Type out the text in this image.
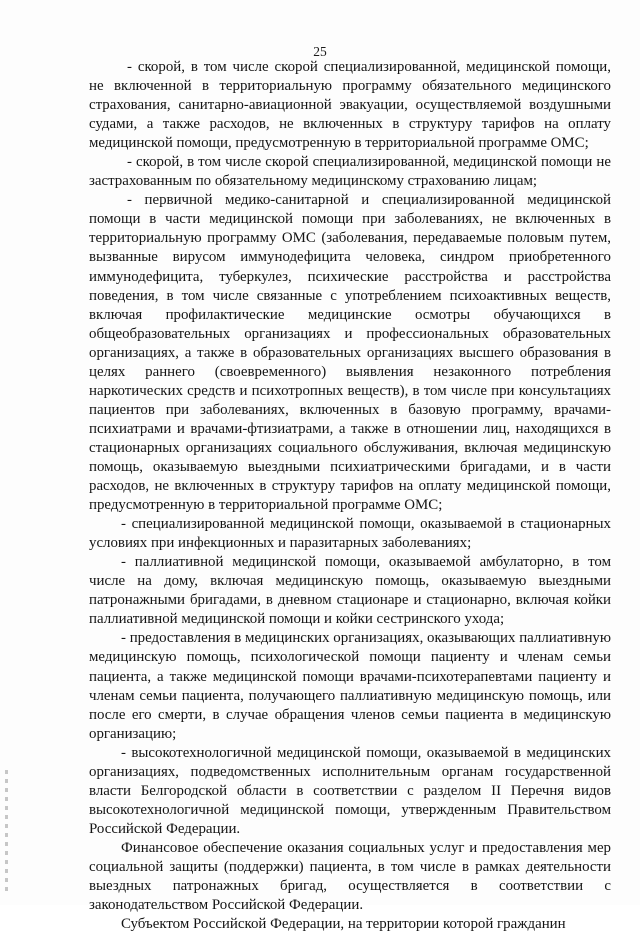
25

- скорой, в том числе скорой специализированной, медицинской помощи, не включенной в территориальную программу обязательного медицинского страхования, санитарно-авиационной эвакуации, осуществляемой воздушными судами, а также расходов, не включенных в структуру тарифов на оплату медицинской помощи, предусмотренную в территориальной программе ОМС;

- скорой, в том числе скорой специализированной, медицинской помощи не застрахованным по обязательному медицинскому страхованию лицам;

- первичной медико-санитарной и специализированной медицинской помощи в части медицинской помощи при заболеваниях, не включенных в территориальную программу ОМС (заболевания, передаваемые половым путем, вызванные вирусом иммунодефицита человека, синдром приобретенного иммунодефицита, туберкулез, психические расстройства и расстройства поведения, в том числе связанные с употреблением психоактивных веществ, включая профилактические медицинские осмотры обучающихся в общеобразовательных организациях и профессиональных образовательных организациях, а также в образовательных организациях высшего образования в целях раннего (своевременного) выявления незаконного потребления наркотических средств и психотропных веществ), в том числе при консультациях пациентов при заболеваниях, включенных в базовую программу, врачами-психиатрами и врачами-фтизиатрами, а также в отношении лиц, находящихся в стационарных организациях социального обслуживания, включая медицинскую помощь, оказываемую выездными психиатрическими бригадами, и в части расходов, не включенных в структуру тарифов на оплату медицинской помощи, предусмотренную в территориальной программе ОМС;

- специализированной медицинской помощи, оказываемой в стационарных условиях при инфекционных и паразитарных заболеваниях;

- паллиативной медицинской помощи, оказываемой амбулаторно, в том числе на дому, включая медицинскую помощь, оказываемую выездными патронажными бригадами, в дневном стационаре и стационарно, включая койки паллиативной медицинской помощи и койки сестринского ухода;

- предоставления в медицинских организациях, оказывающих паллиативную медицинскую помощь, психологической помощи пациенту и членам семьи пациента, а также медицинской помощи врачами-психотерапевтами пациенту и членам семьи пациента, получающего паллиативную медицинскую помощь, или после его смерти, в случае обращения членов семьи пациента в медицинскую организацию;

- высокотехнологичной медицинской помощи, оказываемой в медицинских организациях, подведомственных исполнительным органам государственной власти Белгородской области в соответствии с разделом II Перечня видов высокотехнологичной медицинской помощи, утвержденным Правительством Российской Федерации.

Финансовое обеспечение оказания социальных услуг и предоставления мер социальной защиты (поддержки) пациента, в том числе в рамках деятельности выездных патронажных бригад, осуществляется в соответствии с законодательством Российской Федерации.

Субъектом Российской Федерации, на территории которой гражданин
